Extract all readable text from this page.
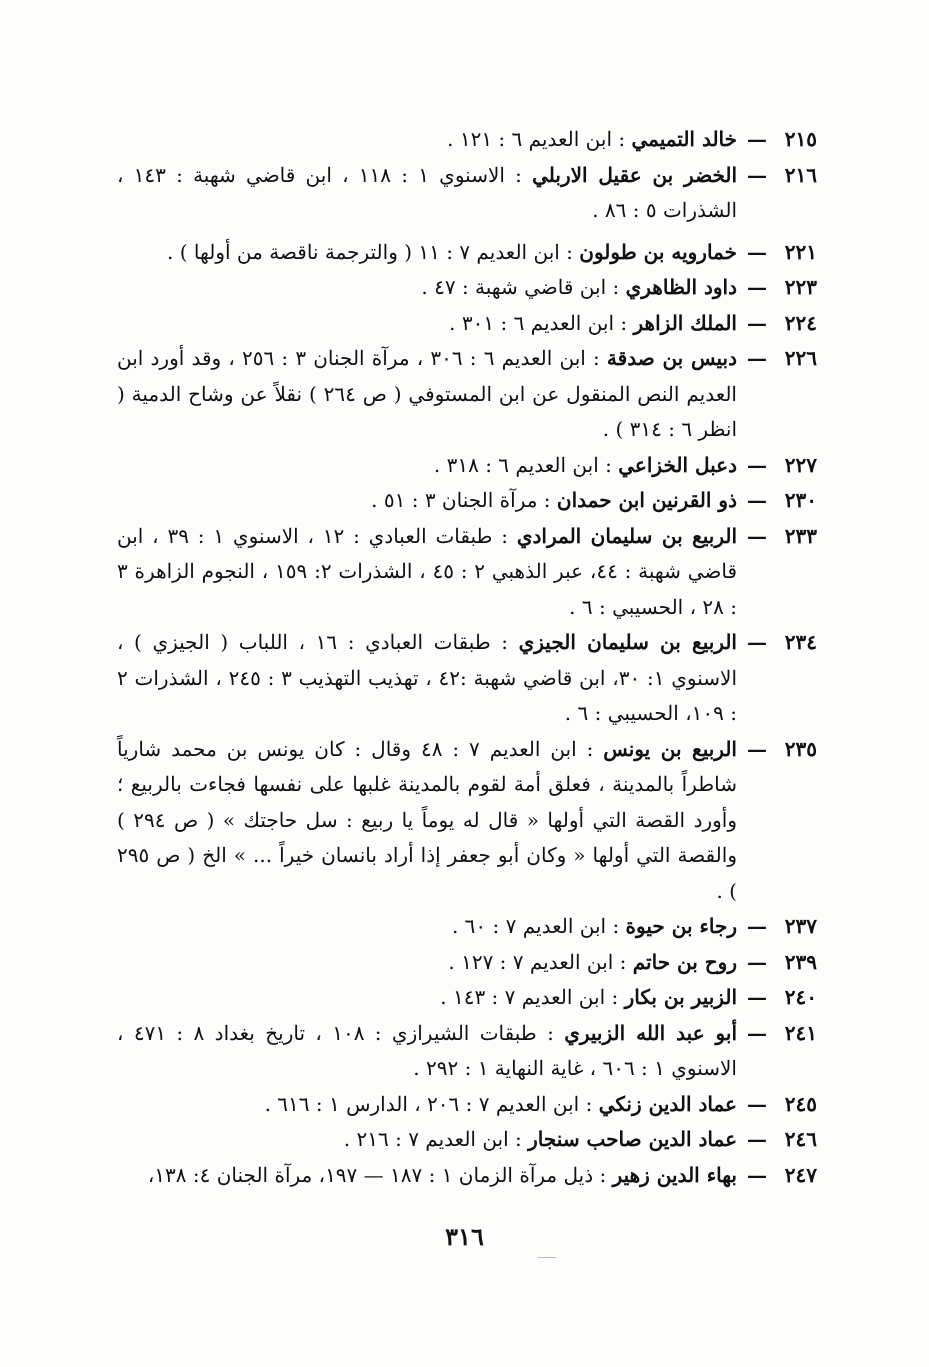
٢١٥
—
خالد التميمي : ابن العديم ٦ : ١٢١ .
٢١٦
—
الخضر بن عقيل الاربلي : الاسنوي ١ : ١١٨ ، ابن قاضي شهبة : ١٤٣ ، الشذرات ٥ : ٨٦ .
٢٢١
—
خمارويه بن طولون : ابن العديم ٧ : ١١ ( والترجمة ناقصة من أولها ) .
٢٢٣
—
داود الظاهري : ابن قاضي شهبة : ٤٧ .
٢٢٤
—
الملك الزاهر : ابن العديم ٦ : ٣٠١ .
٢٢٦
—
دبيس بن صدقة : ابن العديم ٦ : ٣٠٦ ، مرآة الجنان ٣ : ٢٥٦ ، وقد أورد ابن العديم النص المنقول عن ابن المستوفي ( ص ٢٦٤ ) نقلاً عن وشاح الدمية ( انظر ٦ : ٣١٤ ) .
٢٢٧
—
دعبل الخزاعي : ابن العديم ٦ : ٣١٨ .
٢٣٠
—
ذو القرنين ابن حمدان : مرآة الجنان ٣ : ٥١ .
٢٣٣
—
الربيع بن سليمان المرادي : طبقات العبادي : ١٢ ، الاسنوي ١ : ٣٩ ، ابن قاضي شهبة : ٤٤، عبر الذهبي ٢ : ٤٥ ، الشذرات ٢: ١٥٩ ، النجوم الزاهرة ٣ : ٢٨ ، الحسيبي : ٦ .
٢٣٤
—
الربيع بن سليمان الجيزي : طبقات العبادي : ١٦ ، اللباب ( الجيزي ) ، الاسنوي ١: ٣٠، ابن قاضي شهبة :٤٢ ، تهذيب التهذيب ٣ : ٢٤٥ ، الشذرات ٢ : ١٠٩، الحسيبي : ٦ .
٢٣٥
—
الربيع بن يونس : ابن العديم ٧ : ٤٨ وقال : كان يونس بن محمد شارياً شاطراً بالمدينة ، فعلق أمة لقوم بالمدينة غلبها على نفسها فجاءت بالربيع ؛ وأورد القصة التي أولها « قال له يوماً يا ربيع : سل حاجتك » ( ص ٢٩٤ ) والقصة التي أولها « وكان أبو جعفر إذا أراد بانسان خيراً ... » الخ ( ص ٢٩٥ ) .
٢٣٧
—
رجاء بن حيوة : ابن العديم ٧ : ٦٠ .
٢٣٩
—
روح بن حاتم : ابن العديم ٧ : ١٢٧ .
٢٤٠
—
الزبير بن بكار : ابن العديم ٧ : ١٤٣ .
٢٤١
—
أبو عبد الله الزبيري : طبقات الشيرازي : ١٠٨ ، تاريخ بغداد ٨ : ٤٧١ ، الاسنوي ١ : ٦٠٦ ، غاية النهاية ١ : ٢٩٢ .
٢٤٥
—
عماد الدين زنكي : ابن العديم ٧ : ٢٠٦ ، الدارس ١ : ٦١٦ .
٢٤٦
—
عماد الدين صاحب سنجار : ابن العديم ٧ : ٢١٦ .
٢٤٧
—
بهاء الدين زهير : ذيل مرآة الزمان ١ : ١٨٧ — ١٩٧، مرآة الجنان ٤: ١٣٨،
٣١٦
